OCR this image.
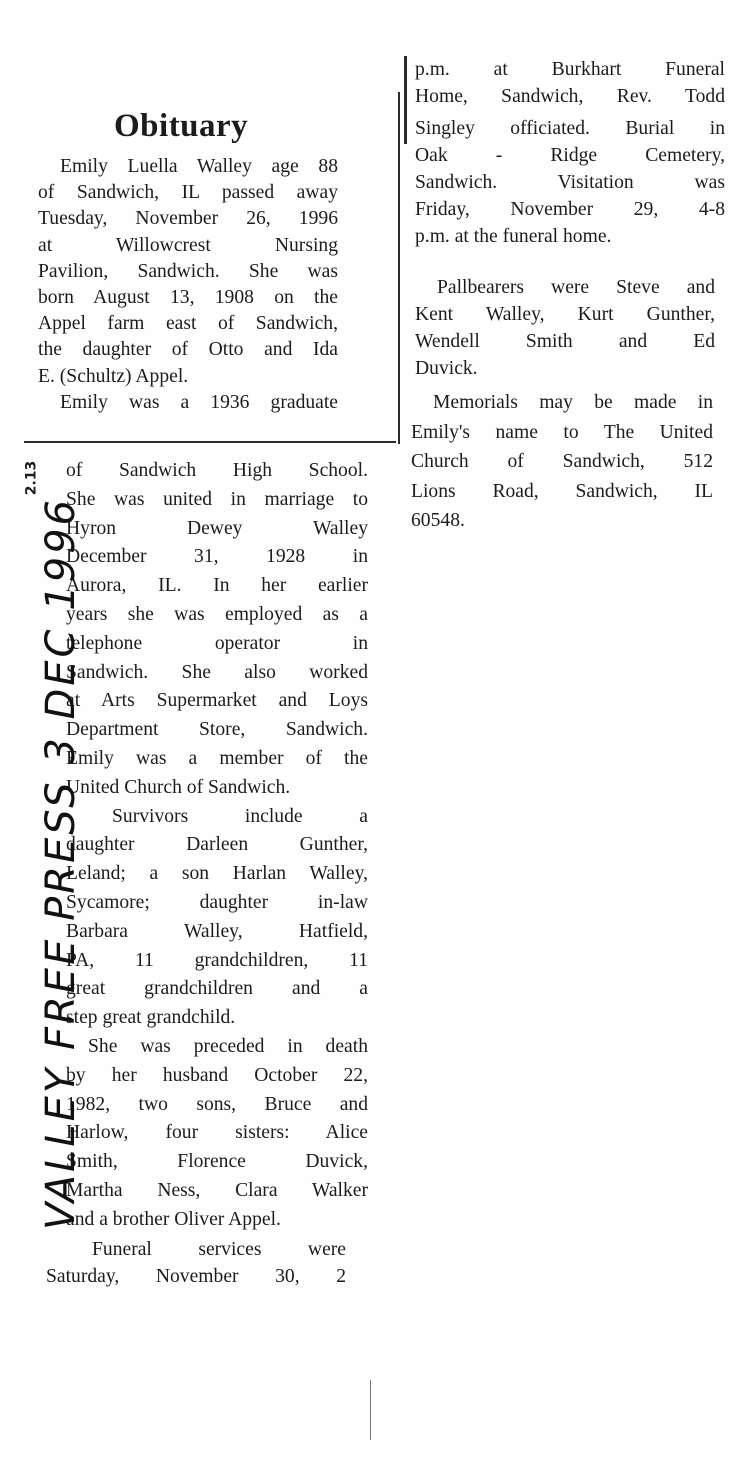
Obituary
Emily Luella Walley age 88
of Sandwich, IL passed away
Tuesday, November 26, 1996
at Willowcrest Nursing
Pavilion, Sandwich. She was
born August 13, 1908 on the
Appel farm east of Sandwich,
the daughter of Otto and Ida
E. (Schultz) Appel.
Emily was a 1936 graduate
of Sandwich High School.
She was united in marriage to
Hyron Dewey Walley
December 31, 1928 in
Aurora, IL. In her earlier
years she was employed as a
telephone operator in
Sandwich. She also worked
at Arts Supermarket and Loys
Department Store, Sandwich.
Emily was a member of the
United Church of Sandwich.
Survivors include a
daughter Darleen Gunther,
Leland; a son Harlan Walley,
Sycamore; daughter in-law
Barbara Walley, Hatfield,
PA, 11 grandchildren, 11
great grandchildren and a
step great grandchild.
She was preceded in death
by her husband October 22,
1982, two sons, Bruce and
Harlow, four sisters: Alice
Smith, Florence Duvick,
Martha Ness, Clara Walker
and a brother Oliver Appel.
Funeral services were
Saturday, November 30, 2
p.m. at Burkhart Funeral
Home, Sandwich, Rev. Todd
Singley officiated. Burial in
Oak - Ridge Cemetery,
Sandwich. Visitation was
Friday, November 29, 4-8
p.m. at the funeral home.
Pallbearers were Steve and
Kent Walley, Kurt Gunther,
Wendell Smith and Ed
Duvick.
Memorials may be made in
Emily's name to The United
Church of Sandwich, 512
Lions Road, Sandwich, IL
60548.
VALLEY FREE PRESS 3 DEC 1996
2.13
